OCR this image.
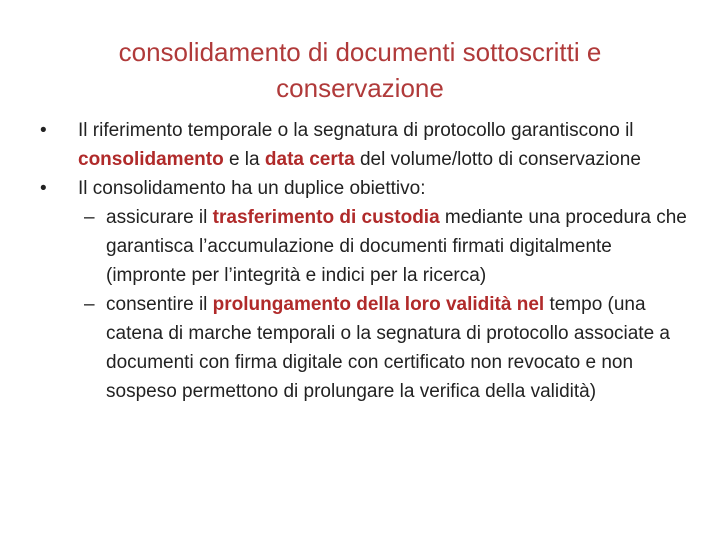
consolidamento di documenti sottoscritti e conservazione

•	Il riferimento temporale o la segnatura di protocollo garantiscono il consolidamento e la data certa del volume/lotto di conservazione

•	Il consolidamento ha un duplice obiettivo:

– assicurare il trasferimento di custodia mediante una procedura che garantisca l’accumulazione di documenti firmati digitalmente (impronte per l’integrità e indici per la ricerca)

– consentire il prolungamento della loro validità nel tempo (una catena di marche temporali o la segnatura di protocollo associate a documenti con firma digitale con certificato non revocato e non sospeso permettono di prolungare la verifica della validità)
